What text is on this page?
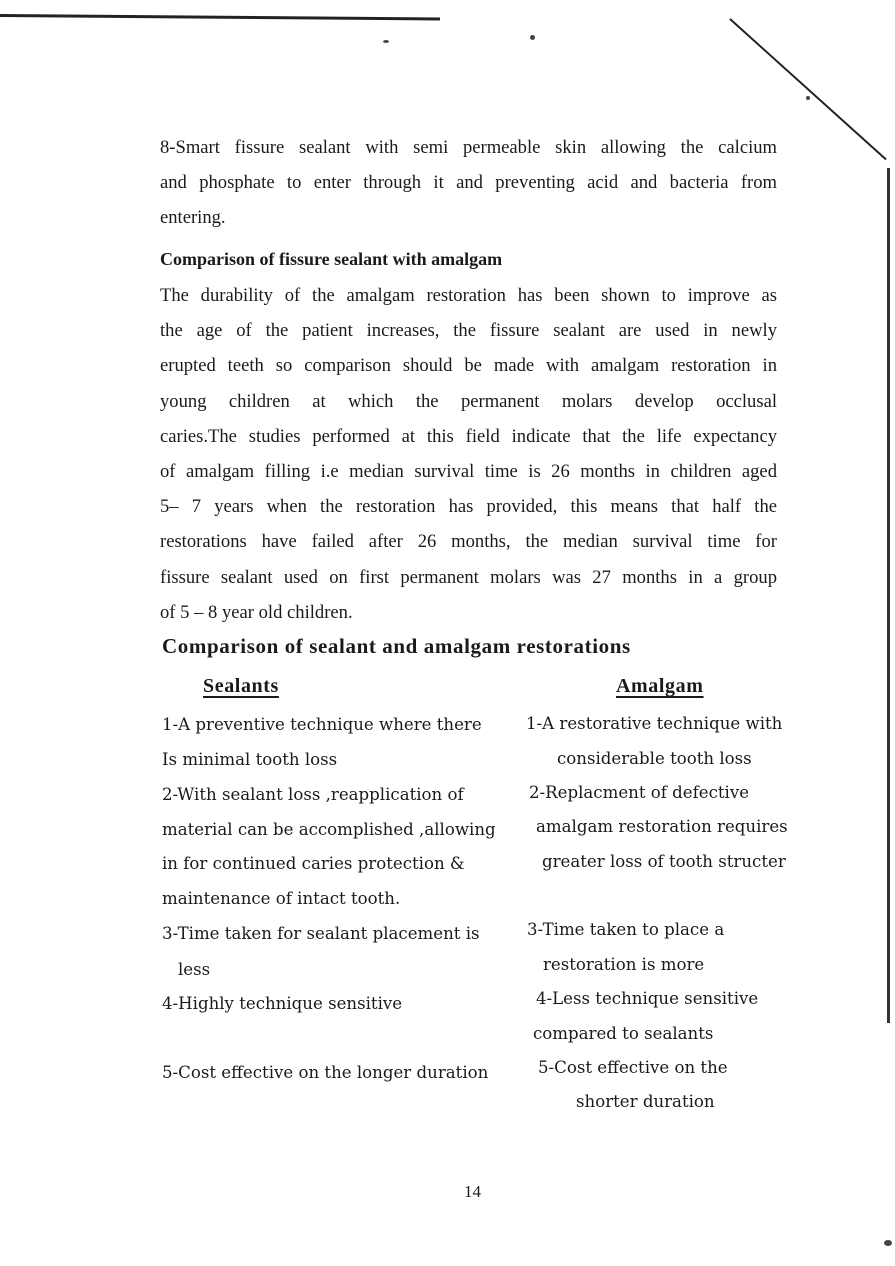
8-Smart fissure sealant with semi permeable skin allowing the calcium
and phosphate to enter through it and preventing acid and bacteria from
entering.
Comparison of fissure sealant with amalgam
The durability of the amalgam restoration has been shown to improve as
the age of the patient increases, the fissure sealant are used in newly
erupted teeth so comparison should be made with amalgam restoration in
young children at which the permanent molars develop occlusal
caries.The studies performed at this field indicate that the life expectancy
of amalgam filling i.e median survival time is 26 months in children aged
5– 7 years when the restoration has provided, this means that half the
restorations have failed after 26 months, the median survival time for
fissure sealant used on first permanent molars was 27 months in a group
of 5 – 8 year old children.
Comparison of sealant and amalgam restorations
Sealants	Amalgam
1-A preventive technique where there
Is minimal tooth loss
2-With sealant loss ,reapplication of
material can be accomplished ,allowing
in for continued caries protection &
maintenance of intact tooth.
3-Time taken for sealant placement is
less
4-Highly technique sensitive
5-Cost effective on the longer duration
1-A restorative technique with
considerable tooth loss
2-Replacment of defective
amalgam restoration requires
greater loss of tooth structer
3-Time taken to place a
restoration is more
4-Less technique sensitive
compared to sealants
5-Cost effective on the
shorter duration
14
